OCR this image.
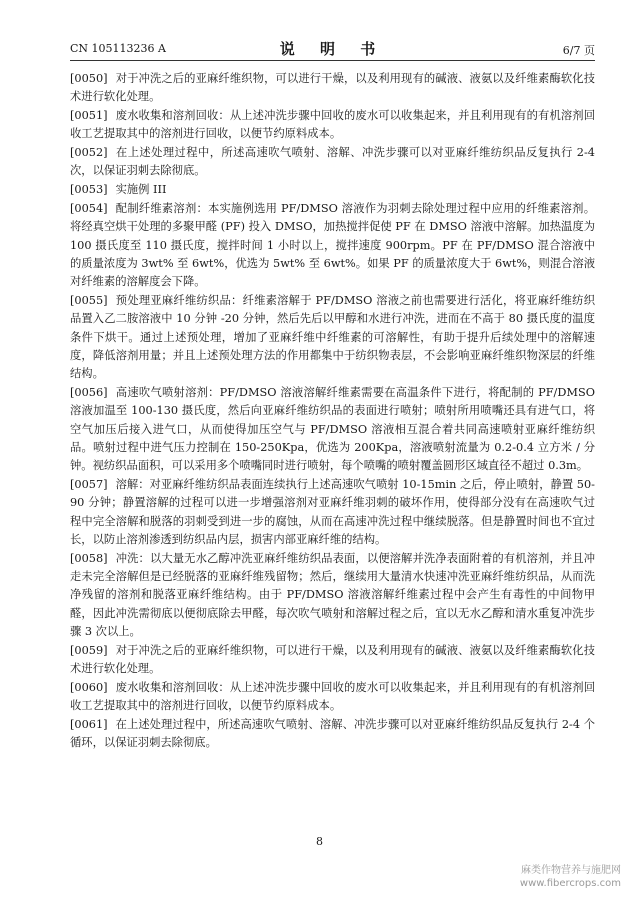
CN 105113236 A	说 明 书	6/7 页

[0050] 对于冲洗之后的亚麻纤维织物，可以进行干燥，以及利用现有的碱液、液氨以及纤维素酶软化技术进行软化处理。

[0051] 废水收集和溶剂回收：从上述冲洗步骤中回收的废水可以收集起来，并且利用现有的有机溶剂回收工艺提取其中的溶剂进行回收，以便节约原料成本。

[0052] 在上述处理过程中，所述高速吹气喷射、溶解、冲洗步骤可以对亚麻纤维纺织品反复执行 2-4 次，以保证羽刺去除彻底。

[0053] 实施例 III

[0054] 配制纤维素溶剂：本实施例选用 PF/DMSO 溶液作为羽刺去除处理过程中应用的纤维素溶剂。将经真空烘干处理的多聚甲醛 (PF) 投入 DMSO，加热搅拌促使 PF 在 DMSO 溶液中溶解。加热温度为 100 摄氏度至 110 摄氏度，搅拌时间 1 小时以上，搅拌速度 900rpm。PF 在 PF/DMSO 混合溶液中的质量浓度为 3wt% 至 6wt%，优选为 5wt% 至 6wt%。如果 PF 的质量浓度大于 6wt%，则混合溶液对纤维素的溶解度会下降。

[0055] 预处理亚麻纤维纺织品：纤维素溶解于 PF/DMSO 溶液之前也需要进行活化，将亚麻纤维纺织品置入乙二胺溶液中 10 分钟 -20 分钟，然后先后以甲醇和水进行冲洗，进而在不高于 80 摄氏度的温度条件下烘干。通过上述预处理，增加了亚麻纤维中纤维素的可溶解性，有助于提升后续处理中的溶解速度，降低溶剂用量；并且上述预处理方法的作用都集中于纺织物表层，不会影响亚麻纤维织物深层的纤维结构。

[0056] 高速吹气喷射溶剂：PF/DMSO 溶液溶解纤维素需要在高温条件下进行，将配制的 PF/DMSO 溶液加温至 100-130 摄氏度，然后向亚麻纤维纺织品的表面进行喷射；喷射所用喷嘴还具有进气口，将空气加压后接入进气口，从而使得加压空气与 PF/DMSO 溶液相互混合着共同高速喷射亚麻纤维纺织品。喷射过程中进气压力控制在 150-250Kpa，优选为 200Kpa，溶液喷射流量为 0.2-0.4 立方米 / 分钟。视纺织品面积，可以采用多个喷嘴同时进行喷射，每个喷嘴的喷射覆盖圆形区域直径不超过 0.3m。

[0057] 溶解：对亚麻纤维纺织品表面连续执行上述高速吹气喷射 10-15min 之后，停止喷射，静置 50-90 分钟；静置溶解的过程可以进一步增强溶剂对亚麻纤维羽刺的破坏作用，使得部分没有在高速吹气过程中完全溶解和脱落的羽刺受到进一步的腐蚀，从而在高速冲洗过程中继续脱落。但是静置时间也不宜过长，以防止溶剂渗透到纺织品内层，损害内部亚麻纤维的结构。

[0058] 冲洗：以大量无水乙醇冲洗亚麻纤维纺织品表面，以便溶解并洗净表面附着的有机溶剂，并且冲走未完全溶解但是已经脱落的亚麻纤维残留物；然后，继续用大量清水快速冲洗亚麻纤维纺织品，从而洗净残留的溶剂和脱落亚麻纤维结构。由于 PF/DMSO 溶液溶解纤维素过程中会产生有毒性的中间物甲醛，因此冲洗需彻底以便彻底除去甲醛，每次吹气喷射和溶解过程之后，宜以无水乙醇和清水重复冲洗步骤 3 次以上。

[0059] 对于冲洗之后的亚麻纤维织物，可以进行干燥，以及利用现有的碱液、液氨以及纤维素酶软化技术进行软化处理。

[0060] 废水收集和溶剂回收：从上述冲洗步骤中回收的废水可以收集起来，并且利用现有的有机溶剂回收工艺提取其中的溶剂进行回收，以便节约原料成本。

[0061] 在上述处理过程中，所述高速吹气喷射、溶解、冲洗步骤可以对亚麻纤维纺织品反复执行 2-4 个循环，以保证羽刺去除彻底。

8
麻类作物营养与施肥网
www.fibercrops.com
